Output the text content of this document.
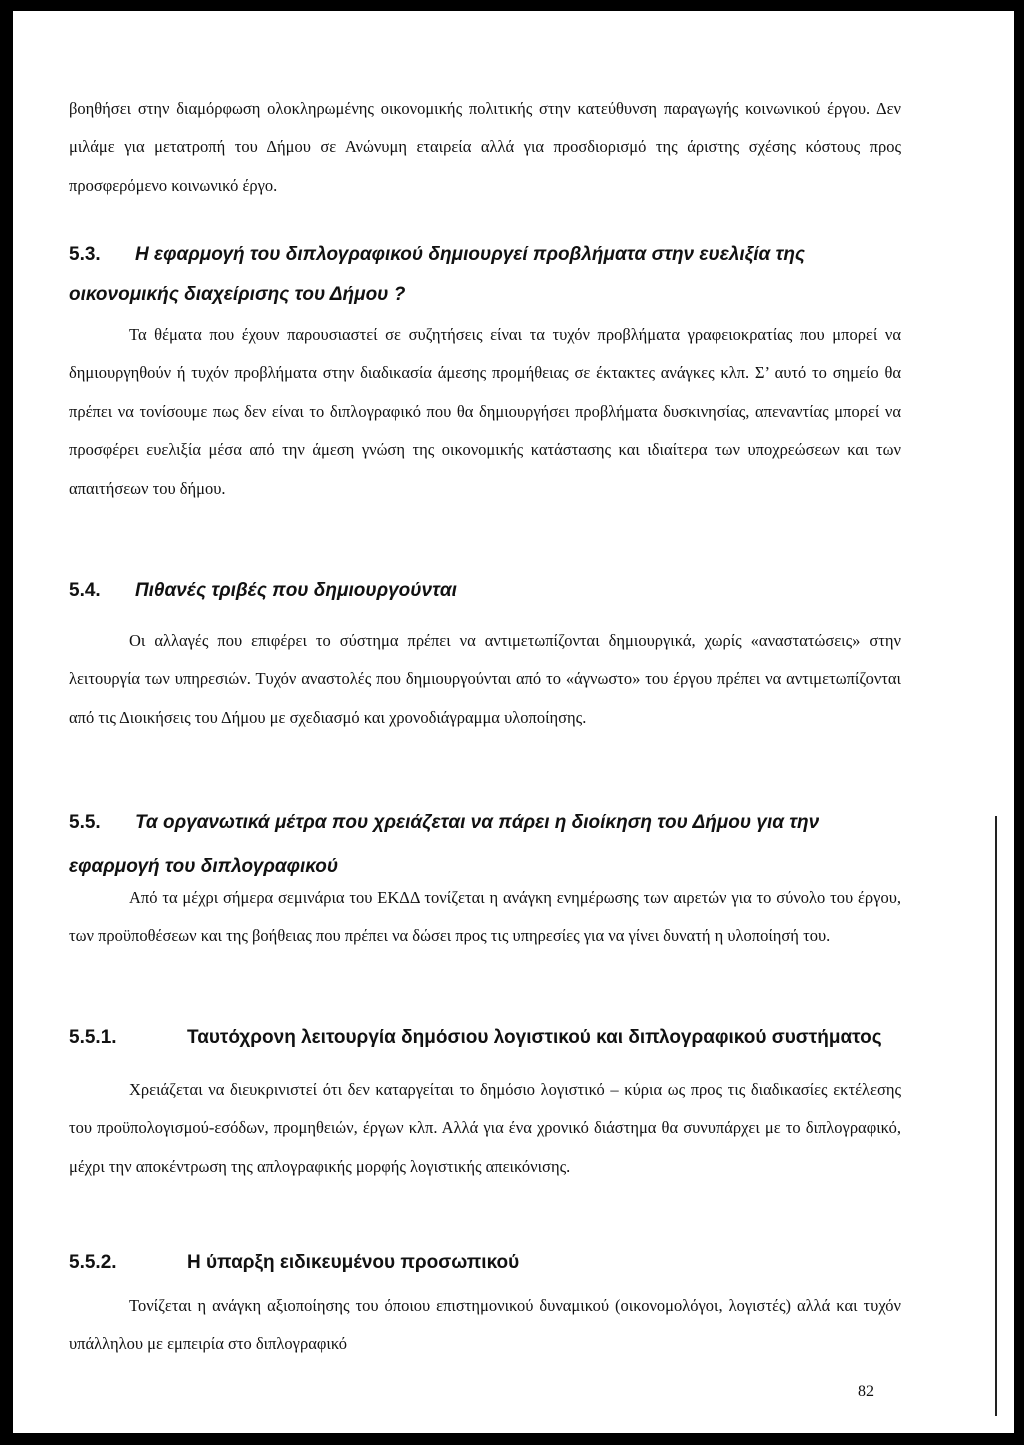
βοηθήσει στην διαμόρφωση ολοκληρωμένης οικονομικής πολιτικής στην κατεύθυνση παραγωγής κοινωνικού έργου. Δεν μιλάμε για μετατροπή του Δήμου σε Ανώνυμη εταιρεία αλλά για προσδιορισμό της άριστης σχέσης κόστους προς προσφερόμενο κοινωνικό έργο.

5.3. Η εφαρμογή του διπλογραφικού δημιουργεί προβλήματα στην ευελιξία της οικονομικής διαχείρισης του Δήμου ?

Τα θέματα που έχουν παρουσιαστεί σε συζητήσεις είναι τα τυχόν προβλήματα γραφειοκρατίας που μπορεί να δημιουργηθούν ή τυχόν προβλήματα στην διαδικασία άμεσης προμήθειας σε έκτακτες ανάγκες κλπ. Σ’ αυτό το σημείο θα πρέπει να τονίσουμε πως δεν είναι το διπλογραφικό που θα δημιουργήσει προβλήματα δυσκινησίας, απεναντίας μπορεί να προσφέρει ευελιξία μέσα από την άμεση γνώση της οικονομικής κατάστασης και ιδιαίτερα των υποχρεώσεων και των απαιτήσεων του δήμου.

5.4. Πιθανές τριβές που δημιουργούνται

Οι αλλαγές που επιφέρει το σύστημα πρέπει να αντιμετωπίζονται δημιουργικά, χωρίς «αναστατώσεις» στην λειτουργία των υπηρεσιών. Τυχόν αναστολές που δημιουργούνται από το «άγνωστο» του έργου πρέπει να αντιμετωπίζονται από τις Διοικήσεις του Δήμου με σχεδιασμό και χρονοδιάγραμμα υλοποίησης.

5.5. Τα οργανωτικά μέτρα που χρειάζεται να πάρει η διοίκηση του Δήμου για την εφαρμογή του διπλογραφικού

Από τα μέχρι σήμερα σεμινάρια του ΕΚΔΔ τονίζεται η ανάγκη ενημέρωσης των αιρετών για το σύνολο του έργου, των προϋποθέσεων και της βοήθειας που πρέπει να δώσει προς τις υπηρεσίες για να γίνει δυνατή η υλοποίησή του.

5.5.1.	Ταυτόχρονη λειτουργία δημόσιου λογιστικού και διπλογραφικού συστήματος

Χρειάζεται να διευκρινιστεί ότι δεν καταργείται το δημόσιο λογιστικό – κύρια ως προς τις διαδικασίες εκτέλεσης του προϋπολογισμού-εσόδων, προμηθειών, έργων κλπ. Αλλά για ένα χρονικό διάστημα θα συνυπάρχει με το διπλογραφικό, μέχρι την αποκέντρωση της απλογραφικής μορφής λογιστικής απεικόνισης.

5.5.2.	Η ύπαρξη ειδικευμένου προσωπικού

Τονίζεται η ανάγκη αξιοποίησης του όποιου επιστημονικού δυναμικού (οικονομολόγοι, λογιστές) αλλά και τυχόν υπάλληλου με εμπειρία στο διπλογραφικό

82
